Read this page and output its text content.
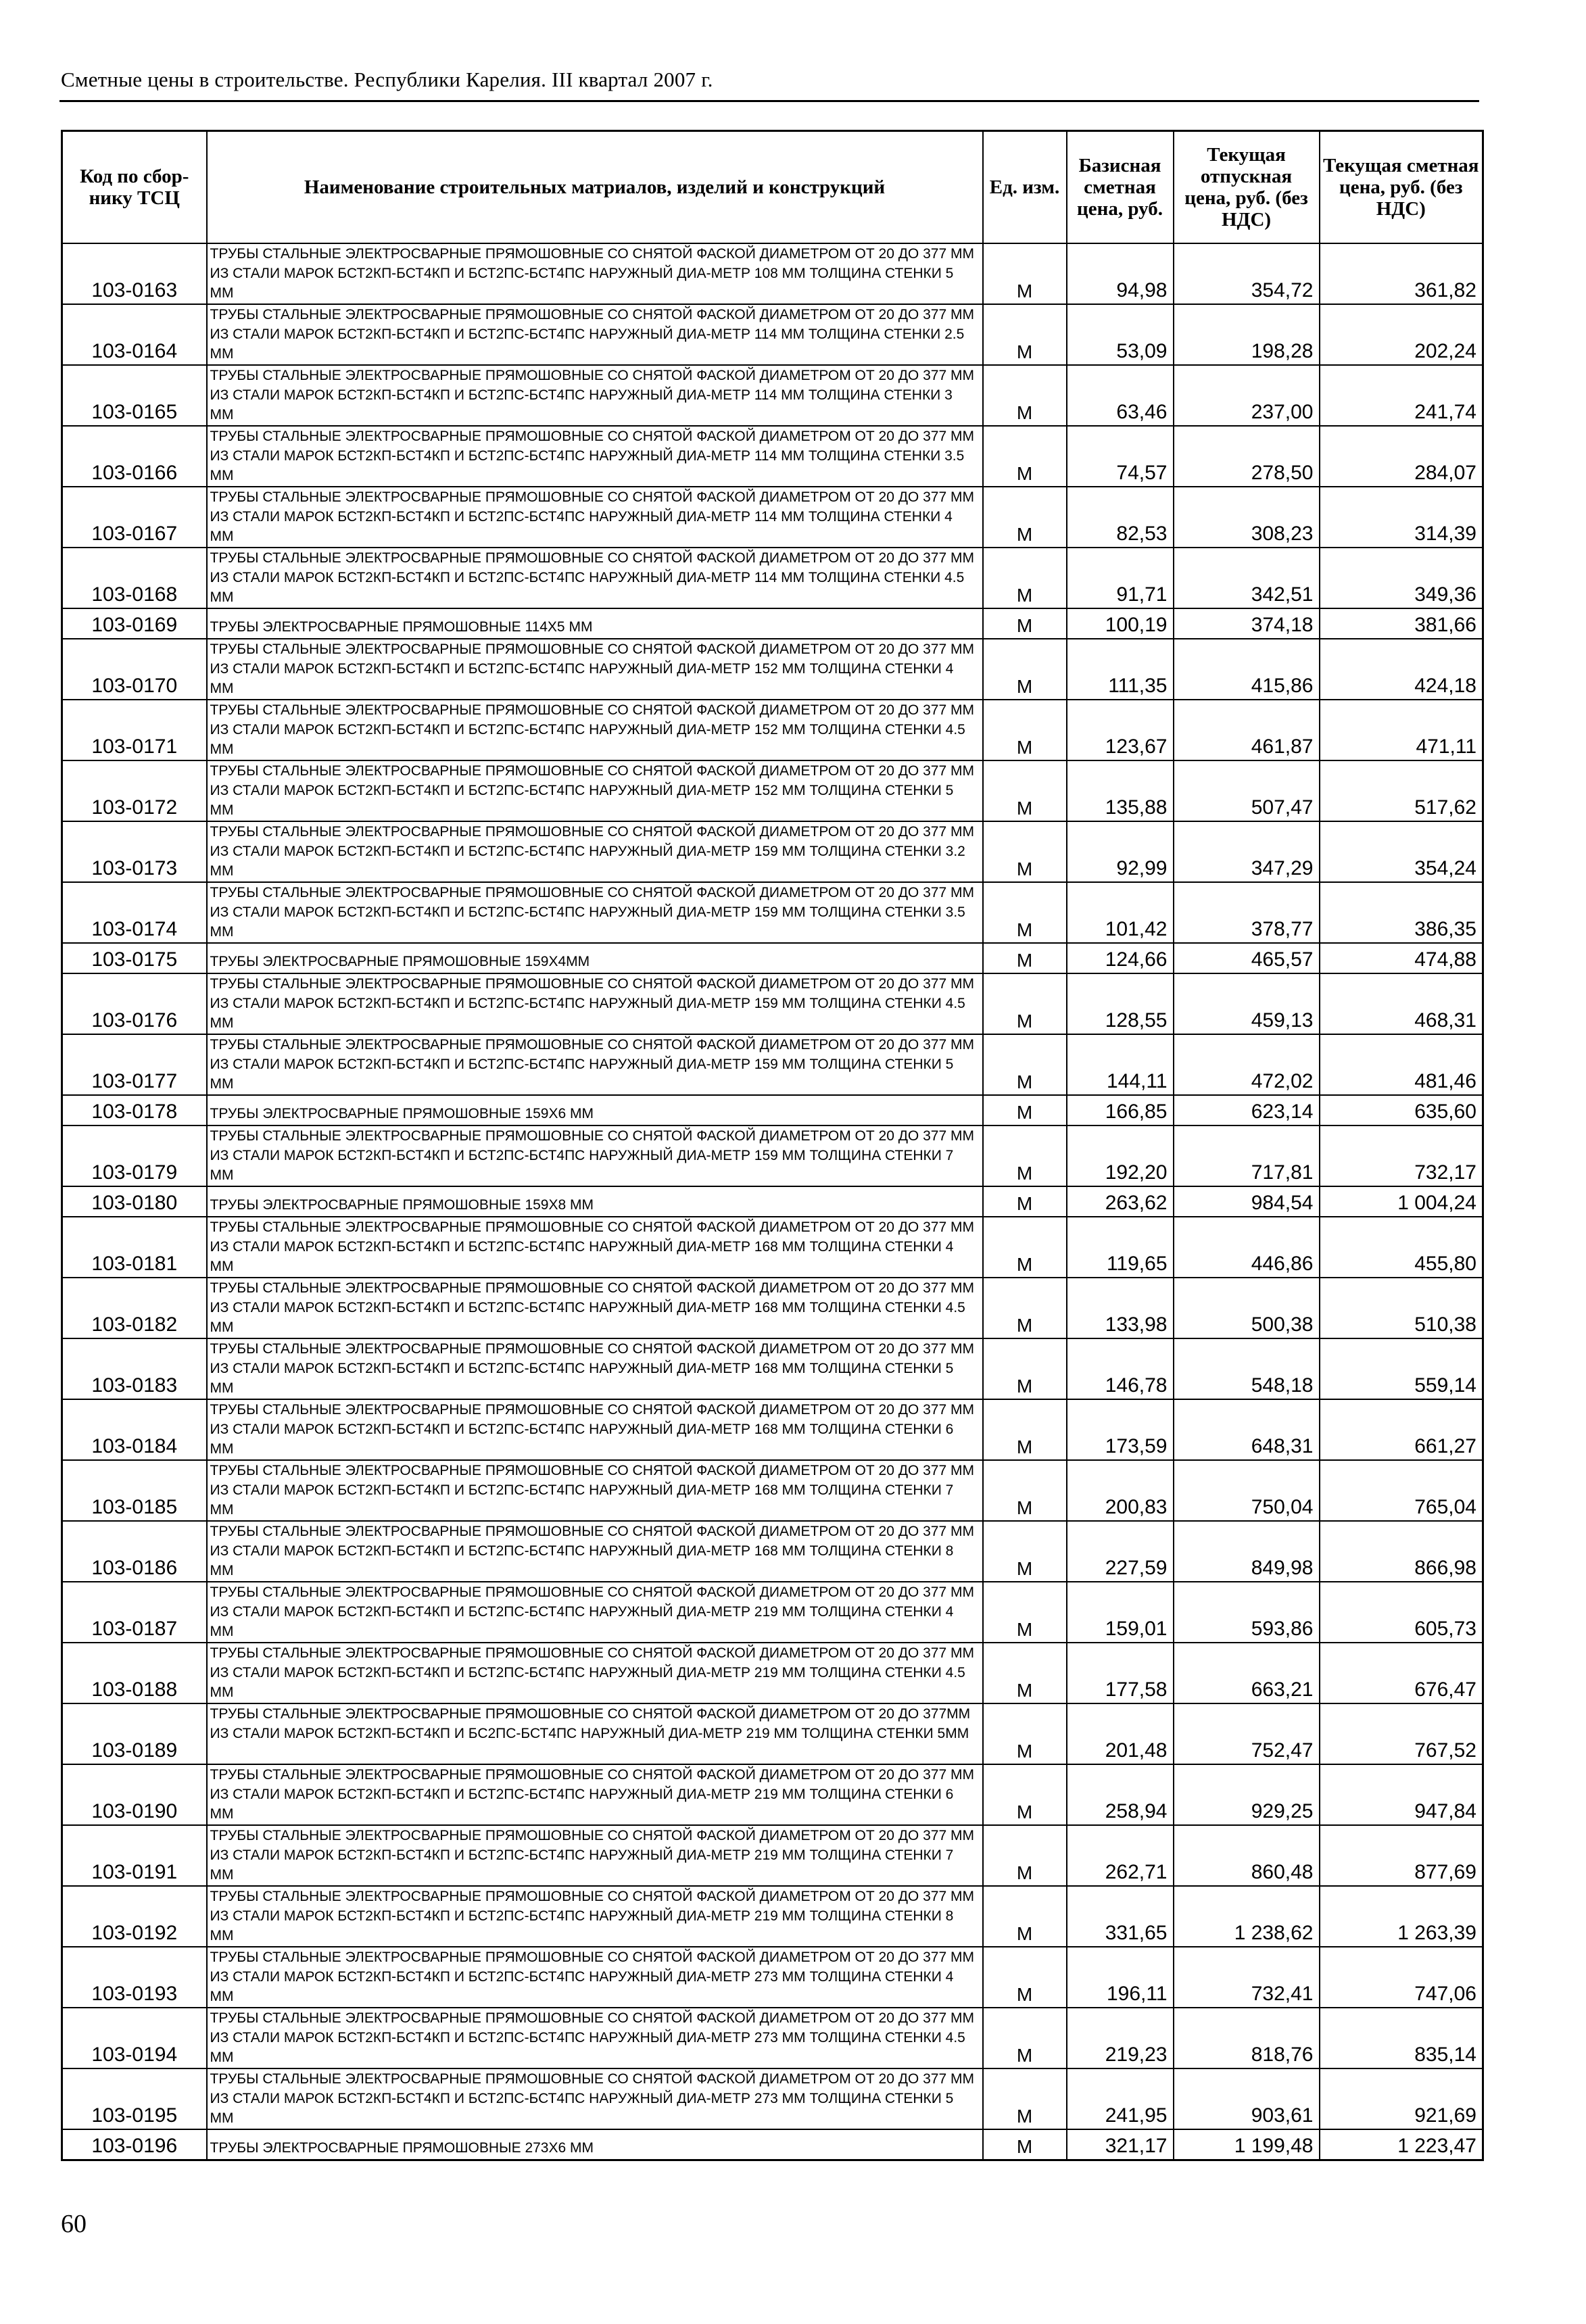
Сметные цены в строительстве. Республики Карелия. III квартал 2007 г.
Код по сбор-нику ТСЦ	Наименование строительных матриалов, изделий и конструкций	Ед. изм.	Базисная сметная цена, руб.	Текущая отпускная цена, руб. (без НДС)	Текущая сметная цена, руб. (без НДС)
103-0163	ТРУБЫ СТАЛЬНЫЕ ЭЛЕКТРОСВАРНЫЕ ПРЯМОШОВНЫЕ СО СНЯТОЙ ФАСКОЙ ДИАМЕТРОМ ОТ 20 ДО 377 ММ ИЗ СТАЛИ МАРОК БСТ2КП-БСТ4КП И БСТ2ПС-БСТ4ПС НАРУЖНЫЙ ДИА-МЕТР 108 ММ ТОЛЩИНА СТЕНКИ 5 ММ	М	94,98	354,72	361,82
103-0164	ТРУБЫ СТАЛЬНЫЕ ЭЛЕКТРОСВАРНЫЕ ПРЯМОШОВНЫЕ СО СНЯТОЙ ФАСКОЙ ДИАМЕТРОМ ОТ 20 ДО 377 ММ ИЗ СТАЛИ МАРОК БСТ2КП-БСТ4КП И БСТ2ПС-БСТ4ПС НАРУЖНЫЙ ДИА-МЕТР 114 ММ ТОЛЩИНА СТЕНКИ 2.5 ММ	М	53,09	198,28	202,24
103-0165	ТРУБЫ СТАЛЬНЫЕ ЭЛЕКТРОСВАРНЫЕ ПРЯМОШОВНЫЕ СО СНЯТОЙ ФАСКОЙ ДИАМЕТРОМ ОТ 20 ДО 377 ММ ИЗ СТАЛИ МАРОК БСТ2КП-БСТ4КП И БСТ2ПС-БСТ4ПС НАРУЖНЫЙ ДИА-МЕТР 114 ММ ТОЛЩИНА СТЕНКИ 3 ММ	М	63,46	237,00	241,74
103-0166	ТРУБЫ СТАЛЬНЫЕ ЭЛЕКТРОСВАРНЫЕ ПРЯМОШОВНЫЕ СО СНЯТОЙ ФАСКОЙ ДИАМЕТРОМ ОТ 20 ДО 377 ММ ИЗ СТАЛИ МАРОК БСТ2КП-БСТ4КП И БСТ2ПС-БСТ4ПС НАРУЖНЫЙ ДИА-МЕТР 114 ММ ТОЛЩИНА СТЕНКИ 3.5 ММ	М	74,57	278,50	284,07
103-0167	ТРУБЫ СТАЛЬНЫЕ ЭЛЕКТРОСВАРНЫЕ ПРЯМОШОВНЫЕ СО СНЯТОЙ ФАСКОЙ ДИАМЕТРОМ ОТ 20 ДО 377 ММ ИЗ СТАЛИ МАРОК БСТ2КП-БСТ4КП И БСТ2ПС-БСТ4ПС НАРУЖНЫЙ ДИА-МЕТР 114 ММ ТОЛЩИНА СТЕНКИ 4 ММ	М	82,53	308,23	314,39
103-0168	ТРУБЫ СТАЛЬНЫЕ ЭЛЕКТРОСВАРНЫЕ ПРЯМОШОВНЫЕ СО СНЯТОЙ ФАСКОЙ ДИАМЕТРОМ ОТ 20 ДО 377 ММ ИЗ СТАЛИ МАРОК БСТ2КП-БСТ4КП И БСТ2ПС-БСТ4ПС НАРУЖНЫЙ ДИА-МЕТР 114 ММ ТОЛЩИНА СТЕНКИ 4.5 ММ	М	91,71	342,51	349,36
103-0169	ТРУБЫ ЭЛЕКТРОСВАРНЫЕ ПРЯМОШОВНЫЕ 114Х5 ММ	М	100,19	374,18	381,66
103-0170	ТРУБЫ СТАЛЬНЫЕ ЭЛЕКТРОСВАРНЫЕ ПРЯМОШОВНЫЕ СО СНЯТОЙ ФАСКОЙ ДИАМЕТРОМ ОТ 20 ДО 377 ММ ИЗ СТАЛИ МАРОК БСТ2КП-БСТ4КП И БСТ2ПС-БСТ4ПС НАРУЖНЫЙ ДИА-МЕТР 152 ММ ТОЛЩИНА СТЕНКИ 4 ММ	М	111,35	415,86	424,18
103-0171	ТРУБЫ СТАЛЬНЫЕ ЭЛЕКТРОСВАРНЫЕ ПРЯМОШОВНЫЕ СО СНЯТОЙ ФАСКОЙ ДИАМЕТРОМ ОТ 20 ДО 377 ММ ИЗ СТАЛИ МАРОК БСТ2КП-БСТ4КП И БСТ2ПС-БСТ4ПС НАРУЖНЫЙ ДИА-МЕТР 152 ММ ТОЛЩИНА СТЕНКИ 4.5 ММ	М	123,67	461,87	471,11
103-0172	ТРУБЫ СТАЛЬНЫЕ ЭЛЕКТРОСВАРНЫЕ ПРЯМОШОВНЫЕ СО СНЯТОЙ ФАСКОЙ ДИАМЕТРОМ ОТ 20 ДО 377 ММ ИЗ СТАЛИ МАРОК БСТ2КП-БСТ4КП И БСТ2ПС-БСТ4ПС НАРУЖНЫЙ ДИА-МЕТР 152 ММ ТОЛЩИНА СТЕНКИ 5 ММ	М	135,88	507,47	517,62
103-0173	ТРУБЫ СТАЛЬНЫЕ ЭЛЕКТРОСВАРНЫЕ ПРЯМОШОВНЫЕ СО СНЯТОЙ ФАСКОЙ ДИАМЕТРОМ ОТ 20 ДО 377 ММ ИЗ СТАЛИ МАРОК БСТ2КП-БСТ4КП И БСТ2ПС-БСТ4ПС НАРУЖНЫЙ ДИА-МЕТР 159 ММ ТОЛЩИНА СТЕНКИ 3.2 ММ	М	92,99	347,29	354,24
103-0174	ТРУБЫ СТАЛЬНЫЕ ЭЛЕКТРОСВАРНЫЕ ПРЯМОШОВНЫЕ СО СНЯТОЙ ФАСКОЙ ДИАМЕТРОМ ОТ 20 ДО 377 ММ ИЗ СТАЛИ МАРОК БСТ2КП-БСТ4КП И БСТ2ПС-БСТ4ПС НАРУЖНЫЙ ДИА-МЕТР 159 ММ ТОЛЩИНА СТЕНКИ 3.5 ММ	М	101,42	378,77	386,35
103-0175	ТРУБЫ ЭЛЕКТРОСВАРНЫЕ ПРЯМОШОВНЫЕ 159Х4ММ	М	124,66	465,57	474,88
103-0176	ТРУБЫ СТАЛЬНЫЕ ЭЛЕКТРОСВАРНЫЕ ПРЯМОШОВНЫЕ СО СНЯТОЙ ФАСКОЙ ДИАМЕТРОМ ОТ 20 ДО 377 ММ ИЗ СТАЛИ МАРОК БСТ2КП-БСТ4КП И БСТ2ПС-БСТ4ПС НАРУЖНЫЙ ДИА-МЕТР 159 ММ ТОЛЩИНА СТЕНКИ 4.5 ММ	М	128,55	459,13	468,31
103-0177	ТРУБЫ СТАЛЬНЫЕ ЭЛЕКТРОСВАРНЫЕ ПРЯМОШОВНЫЕ СО СНЯТОЙ ФАСКОЙ ДИАМЕТРОМ ОТ 20 ДО 377 ММ ИЗ СТАЛИ МАРОК БСТ2КП-БСТ4КП И БСТ2ПС-БСТ4ПС НАРУЖНЫЙ ДИА-МЕТР 159 ММ ТОЛЩИНА СТЕНКИ 5 ММ	М	144,11	472,02	481,46
103-0178	ТРУБЫ ЭЛЕКТРОСВАРНЫЕ ПРЯМОШОВНЫЕ 159Х6 ММ	М	166,85	623,14	635,60
103-0179	ТРУБЫ СТАЛЬНЫЕ ЭЛЕКТРОСВАРНЫЕ ПРЯМОШОВНЫЕ СО СНЯТОЙ ФАСКОЙ ДИАМЕТРОМ ОТ 20 ДО 377 ММ ИЗ СТАЛИ МАРОК БСТ2КП-БСТ4КП И БСТ2ПС-БСТ4ПС НАРУЖНЫЙ ДИА-МЕТР 159 ММ ТОЛЩИНА СТЕНКИ 7 ММ	М	192,20	717,81	732,17
103-0180	ТРУБЫ ЭЛЕКТРОСВАРНЫЕ ПРЯМОШОВНЫЕ 159Х8 ММ	М	263,62	984,54	1 004,24
103-0181	ТРУБЫ СТАЛЬНЫЕ ЭЛЕКТРОСВАРНЫЕ ПРЯМОШОВНЫЕ СО СНЯТОЙ ФАСКОЙ ДИАМЕТРОМ ОТ 20 ДО 377 ММ ИЗ СТАЛИ МАРОК БСТ2КП-БСТ4КП И БСТ2ПС-БСТ4ПС НАРУЖНЫЙ ДИА-МЕТР 168 ММ ТОЛЩИНА СТЕНКИ 4 ММ	М	119,65	446,86	455,80
103-0182	ТРУБЫ СТАЛЬНЫЕ ЭЛЕКТРОСВАРНЫЕ ПРЯМОШОВНЫЕ СО СНЯТОЙ ФАСКОЙ ДИАМЕТРОМ ОТ 20 ДО 377 ММ ИЗ СТАЛИ МАРОК БСТ2КП-БСТ4КП И БСТ2ПС-БСТ4ПС НАРУЖНЫЙ ДИА-МЕТР 168 ММ ТОЛЩИНА СТЕНКИ 4.5 ММ	М	133,98	500,38	510,38
103-0183	ТРУБЫ СТАЛЬНЫЕ ЭЛЕКТРОСВАРНЫЕ ПРЯМОШОВНЫЕ СО СНЯТОЙ ФАСКОЙ ДИАМЕТРОМ ОТ 20 ДО 377 ММ ИЗ СТАЛИ МАРОК БСТ2КП-БСТ4КП И БСТ2ПС-БСТ4ПС НАРУЖНЫЙ ДИА-МЕТР 168 ММ ТОЛЩИНА СТЕНКИ 5 ММ	М	146,78	548,18	559,14
103-0184	ТРУБЫ СТАЛЬНЫЕ ЭЛЕКТРОСВАРНЫЕ ПРЯМОШОВНЫЕ СО СНЯТОЙ ФАСКОЙ ДИАМЕТРОМ ОТ 20 ДО 377 ММ ИЗ СТАЛИ МАРОК БСТ2КП-БСТ4КП И БСТ2ПС-БСТ4ПС НАРУЖНЫЙ ДИА-МЕТР 168 ММ ТОЛЩИНА СТЕНКИ 6 ММ	М	173,59	648,31	661,27
103-0185	ТРУБЫ СТАЛЬНЫЕ ЭЛЕКТРОСВАРНЫЕ ПРЯМОШОВНЫЕ СО СНЯТОЙ ФАСКОЙ ДИАМЕТРОМ ОТ 20 ДО 377 ММ ИЗ СТАЛИ МАРОК БСТ2КП-БСТ4КП И БСТ2ПС-БСТ4ПС НАРУЖНЫЙ ДИА-МЕТР 168 ММ ТОЛЩИНА СТЕНКИ 7 ММ	М	200,83	750,04	765,04
103-0186	ТРУБЫ СТАЛЬНЫЕ ЭЛЕКТРОСВАРНЫЕ ПРЯМОШОВНЫЕ СО СНЯТОЙ ФАСКОЙ ДИАМЕТРОМ ОТ 20 ДО 377 ММ ИЗ СТАЛИ МАРОК БСТ2КП-БСТ4КП И БСТ2ПС-БСТ4ПС НАРУЖНЫЙ ДИА-МЕТР 168 ММ ТОЛЩИНА СТЕНКИ 8 ММ	М	227,59	849,98	866,98
103-0187	ТРУБЫ СТАЛЬНЫЕ ЭЛЕКТРОСВАРНЫЕ ПРЯМОШОВНЫЕ СО СНЯТОЙ ФАСКОЙ ДИАМЕТРОМ ОТ 20 ДО 377 ММ ИЗ СТАЛИ МАРОК БСТ2КП-БСТ4КП И БСТ2ПС-БСТ4ПС НАРУЖНЫЙ ДИА-МЕТР 219 ММ ТОЛЩИНА СТЕНКИ 4 ММ	М	159,01	593,86	605,73
103-0188	ТРУБЫ СТАЛЬНЫЕ ЭЛЕКТРОСВАРНЫЕ ПРЯМОШОВНЫЕ СО СНЯТОЙ ФАСКОЙ ДИАМЕТРОМ ОТ 20 ДО 377 ММ ИЗ СТАЛИ МАРОК БСТ2КП-БСТ4КП И БСТ2ПС-БСТ4ПС НАРУЖНЫЙ ДИА-МЕТР 219 ММ ТОЛЩИНА СТЕНКИ 4.5 ММ	М	177,58	663,21	676,47
103-0189	ТРУБЫ СТАЛЬНЫЕ ЭЛЕКТРОСВАРНЫЕ ПРЯМОШОВНЫЕ СО СНЯТОЙ ФАСКОЙ ДИАМЕТРОМ ОТ 20 ДО 377ММ ИЗ СТАЛИ МАРОК БСТ2КП-БСТ4КП И БС2ПС-БСТ4ПС НАРУЖНЫЙ ДИА-МЕТР 219 ММ ТОЛЩИНА СТЕНКИ 5ММ	М	201,48	752,47	767,52
103-0190	ТРУБЫ СТАЛЬНЫЕ ЭЛЕКТРОСВАРНЫЕ ПРЯМОШОВНЫЕ СО СНЯТОЙ ФАСКОЙ ДИАМЕТРОМ ОТ 20 ДО 377 ММ ИЗ СТАЛИ МАРОК БСТ2КП-БСТ4КП И БСТ2ПС-БСТ4ПС НАРУЖНЫЙ ДИА-МЕТР 219 ММ ТОЛЩИНА СТЕНКИ 6 ММ	М	258,94	929,25	947,84
103-0191	ТРУБЫ СТАЛЬНЫЕ ЭЛЕКТРОСВАРНЫЕ ПРЯМОШОВНЫЕ СО СНЯТОЙ ФАСКОЙ ДИАМЕТРОМ ОТ 20 ДО 377 ММ ИЗ СТАЛИ МАРОК БСТ2КП-БСТ4КП И БСТ2ПС-БСТ4ПС НАРУЖНЫЙ ДИА-МЕТР 219 ММ ТОЛЩИНА СТЕНКИ 7 ММ	М	262,71	860,48	877,69
103-0192	ТРУБЫ СТАЛЬНЫЕ ЭЛЕКТРОСВАРНЫЕ ПРЯМОШОВНЫЕ СО СНЯТОЙ ФАСКОЙ ДИАМЕТРОМ ОТ 20 ДО 377 ММ ИЗ СТАЛИ МАРОК БСТ2КП-БСТ4КП И БСТ2ПС-БСТ4ПС НАРУЖНЫЙ ДИА-МЕТР 219 ММ ТОЛЩИНА СТЕНКИ 8 ММ	М	331,65	1 238,62	1 263,39
103-0193	ТРУБЫ СТАЛЬНЫЕ ЭЛЕКТРОСВАРНЫЕ ПРЯМОШОВНЫЕ СО СНЯТОЙ ФАСКОЙ ДИАМЕТРОМ ОТ 20 ДО 377 ММ ИЗ СТАЛИ МАРОК БСТ2КП-БСТ4КП И БСТ2ПС-БСТ4ПС НАРУЖНЫЙ ДИА-МЕТР 273 ММ ТОЛЩИНА СТЕНКИ 4 ММ	М	196,11	732,41	747,06
103-0194	ТРУБЫ СТАЛЬНЫЕ ЭЛЕКТРОСВАРНЫЕ ПРЯМОШОВНЫЕ СО СНЯТОЙ ФАСКОЙ ДИАМЕТРОМ ОТ 20 ДО 377 ММ ИЗ СТАЛИ МАРОК БСТ2КП-БСТ4КП И БСТ2ПС-БСТ4ПС НАРУЖНЫЙ ДИА-МЕТР 273 ММ ТОЛЩИНА СТЕНКИ 4.5 ММ	М	219,23	818,76	835,14
103-0195	ТРУБЫ СТАЛЬНЫЕ ЭЛЕКТРОСВАРНЫЕ ПРЯМОШОВНЫЕ СО СНЯТОЙ ФАСКОЙ ДИАМЕТРОМ ОТ 20 ДО 377 ММ ИЗ СТАЛИ МАРОК БСТ2КП-БСТ4КП И БСТ2ПС-БСТ4ПС НАРУЖНЫЙ ДИА-МЕТР 273 ММ ТОЛЩИНА СТЕНКИ 5 ММ	М	241,95	903,61	921,69
103-0196	ТРУБЫ ЭЛЕКТРОСВАРНЫЕ ПРЯМОШОВНЫЕ 273Х6 ММ	М	321,17	1 199,48	1 223,47
60
